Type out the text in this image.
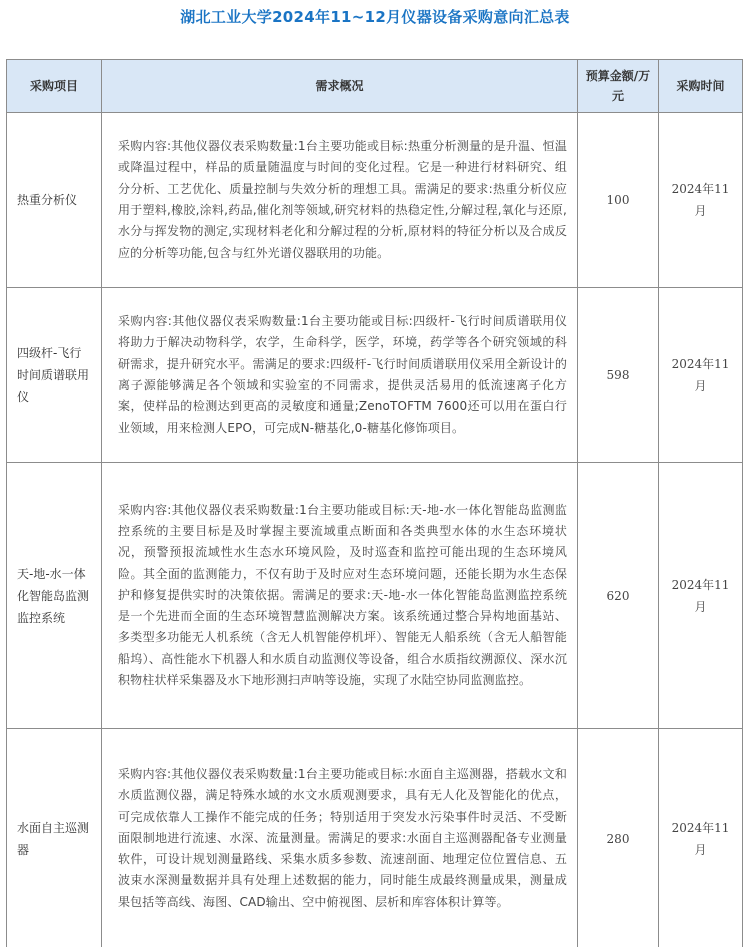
湖北工业大学2024年11~12月仪器设备采购意向汇总表
采购项目	需求概况	预算金额/万元	采购时间
热重分析仪	采购内容:其他仪器仪表采购数量:1台主要功能或目标:热重分析测量的是升温、恒温或降温过程中，样品的质量随温度与时间的变化过程。它是一种进行材料研究、组分分析、工艺优化、质量控制与失效分析的理想工具。需满足的要求:热重分析仪应用于塑料,橡胶,涂料,药品,催化剂等领域,研究材料的热稳定性,分解过程,氧化与还原,水分与挥发物的测定,实现材料老化和分解过程的分析,原材料的特征分析以及合成反应的分析等功能,包含与红外光谱仪器联用的功能。	100	2024年11月
四级杆-飞行时间质谱联用仪	采购内容:其他仪器仪表采购数量:1台主要功能或目标:四级杆-飞行时间质谱联用仪将助力于解决动物科学，农学，生命科学，医学，环境，药学等各个研究领域的科研需求，提升研究水平。需满足的要求:四级杆-飞行时间质谱联用仪采用全新设计的离子源能够满足各个领域和实验室的不同需求，提供灵活易用的低流速离子化方案，使样品的检测达到更高的灵敏度和通量;ZenoTOFTM 7600还可以用在蛋白行业领域，用来检测人EPO，可完成N-糖基化,0-糖基化修饰项目。	598	2024年11月
天-地-水一体化智能岛监测监控系统	采购内容:其他仪器仪表采购数量:1台主要功能或目标:天-地-水一体化智能岛监测监控系统的主要目标是及时掌握主要流域重点断面和各类典型水体的水生态环境状况，预警预报流域性水生态水环境风险，及时巡查和监控可能出现的生态环境风险。其全面的监测能力，不仅有助于及时应对生态环境问题，还能长期为水生态保护和修复提供实时的决策依据。需满足的要求:天-地-水一体化智能岛监测监控系统是一个先进而全面的生态环境智慧监测解决方案。该系统通过整合异构地面基站、多类型多功能无人机系统（含无人机智能停机坪）、智能无人船系统（含无人船智能船坞）、高性能水下机器人和水质自动监测仪等设备，组合水质指纹溯源仪、深水沉积物柱状样采集器及水下地形测扫声呐等设施，实现了水陆空协同监测监控。	620	2024年11月
水面自主巡测器	采购内容:其他仪器仪表采购数量:1台主要功能或目标:水面自主巡测器，搭载水文和水质监测仪器，满足特殊水域的水文水质观测要求，具有无人化及智能化的优点，可完成依靠人工操作不能完成的任务；特别适用于突发水污染事件时灵活、不受断面限制地进行流速、水深、流量测量。需满足的要求:水面自主巡测器配备专业测量软件，可设计规划测量路线、采集水质多参数、流速剖面、地理定位位置信息、五波束水深测量数据并具有处理上述数据的能力，同时能生成最终测量成果，测量成果包括等高线、海图、CAD输出、空中俯视图、层析和库容体积计算等。	280	2024年11月
